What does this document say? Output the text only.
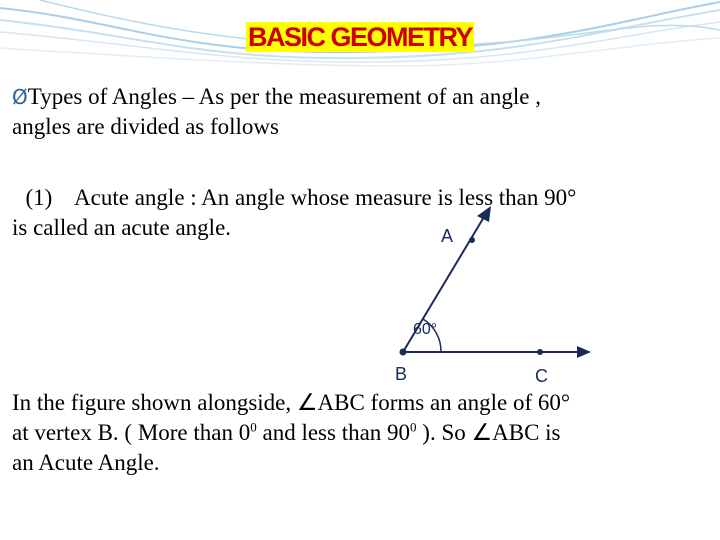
BASIC GEOMETRY
ØTypes of Angles – As per the measurement of an angle ,
angles are divided as follows

(1)    Acute angle : An angle whose measure is less than 90°
is called an acute angle.	A
B	C
60°
In the figure shown alongside, ∠ABC forms an angle of 60°
at vertex B. ( More than $0^0$ and less than $90^0$ ). So ∠ABC is
an Acute Angle.
